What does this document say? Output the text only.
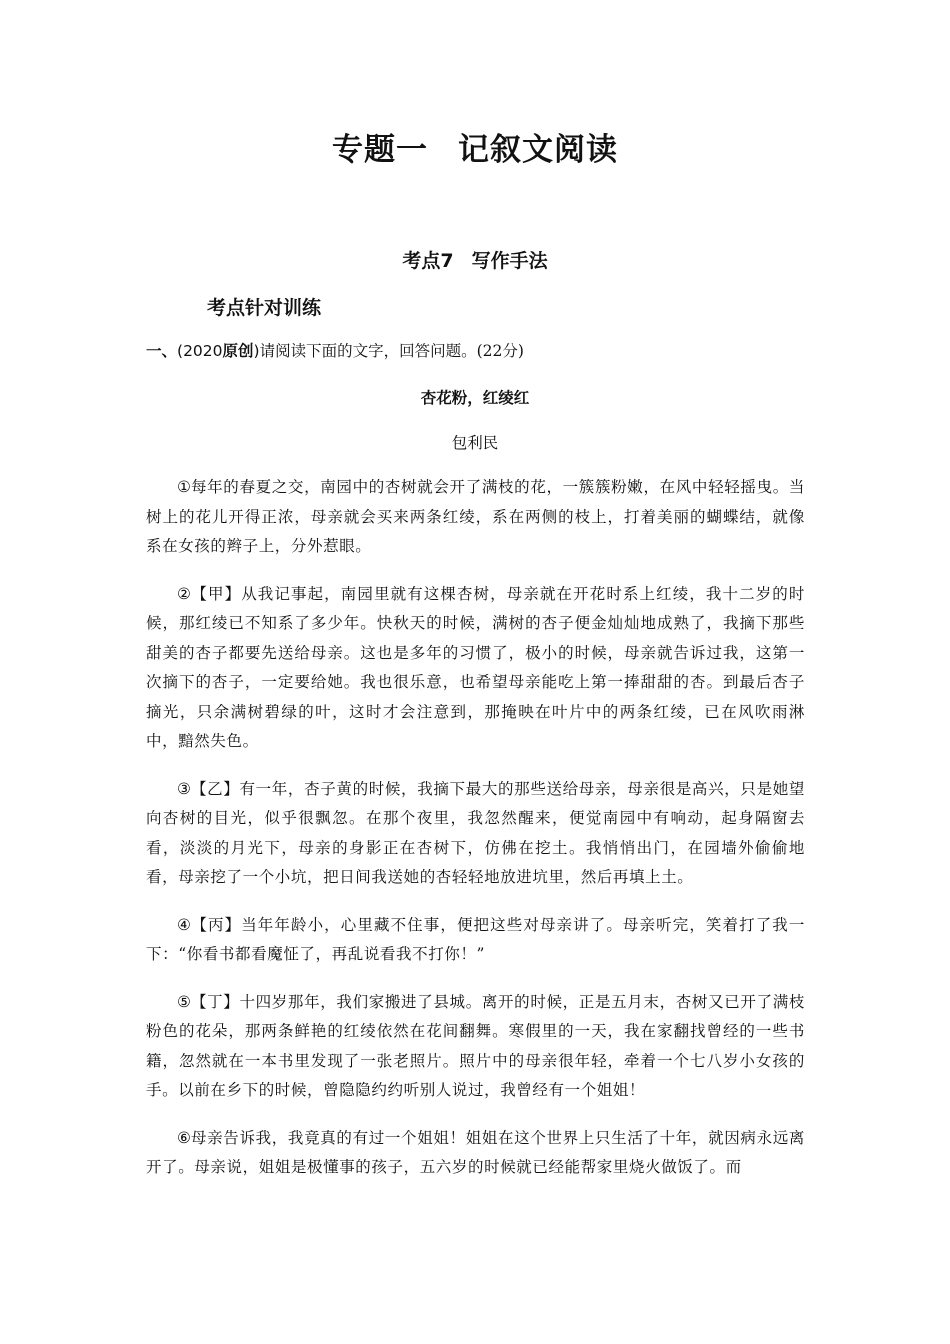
专题一 记叙文阅读
考点7 写作手法
考点针对训练

一、(2020原创)请阅读下面的文字，回答问题。(22分)

杏花粉，红绫红

包利民

①每年的春夏之交，南园中的杏树就会开了满枝的花，一簇簇粉嫩，在风中轻轻摇曳。当树上的花儿开得正浓，母亲就会买来两条红绫，系在两侧的枝上，打着美丽的蝴蝶结，就像系在女孩的辫子上，分外惹眼。

②【甲】从我记事起，南园里就有这棵杏树，母亲就在开花时系上红绫，我十二岁的时候，那红绫已不知系了多少年。快秋天的时候，满树的杏子便金灿灿地成熟了，我摘下那些甜美的杏子都要先送给母亲。这也是多年的习惯了，极小的时候，母亲就告诉过我，这第一次摘下的杏子，一定要给她。我也很乐意，也希望母亲能吃上第一捧甜甜的杏。到最后杏子摘光，只余满树碧绿的叶，这时才会注意到，那掩映在叶片中的两条红绫，已在风吹雨淋中，黯然失色。

③【乙】有一年，杏子黄的时候，我摘下最大的那些送给母亲，母亲很是高兴，只是她望向杏树的目光，似乎很飘忽。在那个夜里，我忽然醒来，便觉南园中有响动，起身隔窗去看，淡淡的月光下，母亲的身影正在杏树下，仿佛在挖土。我悄悄出门，在园墙外偷偷地看，母亲挖了一个小坑，把日间我送她的杏轻轻地放进坑里，然后再填上土。

④【丙】当年年龄小，心里藏不住事，便把这些对母亲讲了。母亲听完，笑着打了我一下：“你看书都看魔怔了，再乱说看我不打你！”

⑤【丁】十四岁那年，我们家搬进了县城。离开的时候，正是五月末，杏树又已开了满枝粉色的花朵，那两条鲜艳的红绫依然在花间翻舞。寒假里的一天，我在家翻找曾经的一些书籍，忽然就在一本书里发现了一张老照片。照片中的母亲很年轻，牵着一个七八岁小女孩的手。以前在乡下的时候，曾隐隐约约听别人说过，我曾经有一个姐姐！

⑥母亲告诉我，我竟真的有过一个姐姐！姐姐在这个世界上只生活了十年，就因病永远离开了。母亲说，姐姐是极懂事的孩子，五六岁的时候就已经能帮家里烧火做饭了。而
